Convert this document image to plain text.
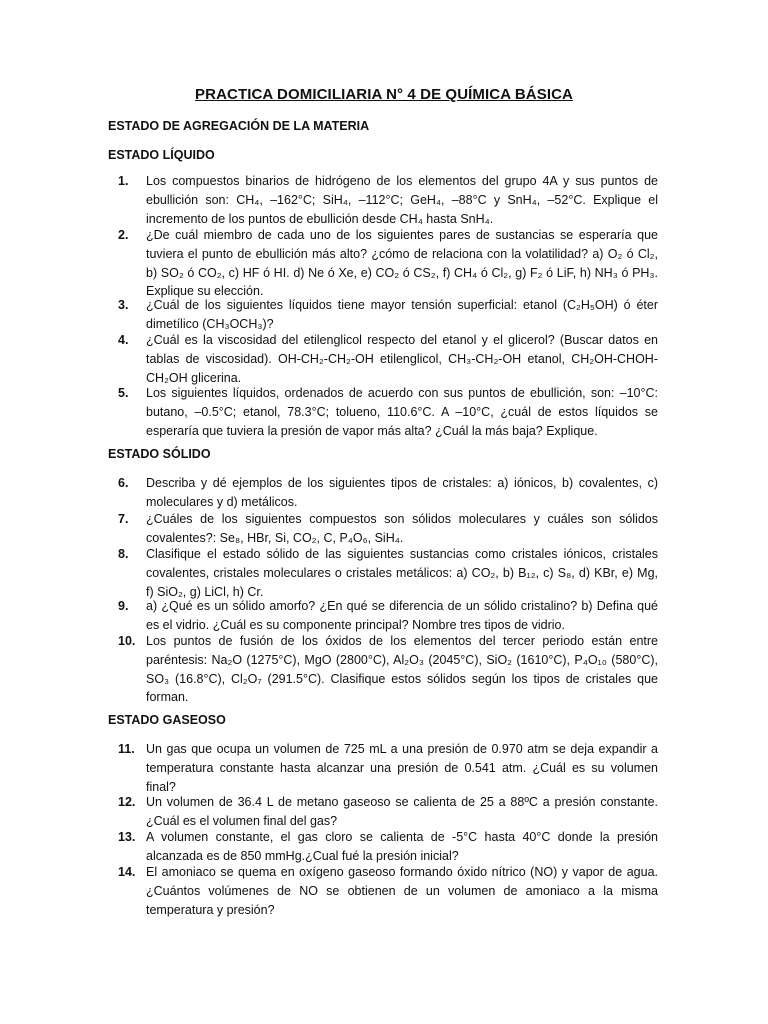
PRACTICA DOMICILIARIA N° 4 DE QUÍMICA BÁSICA
ESTADO DE AGREGACIÓN DE LA MATERIA
ESTADO LÍQUIDO
1.	Los compuestos binarios de hidrógeno de los elementos del grupo 4A y sus puntos de
ebullición son: CH₄, –162°C; SiH₄, –112°C; GeH₄, –88°C y SnH₄, –52°C. Explique el
incremento de los puntos de ebullición desde CH₄ hasta SnH₄.
2.	¿De cuál miembro de cada uno de los siguientes pares de sustancias se esperaría que
tuviera el punto de ebullición más alto? ¿cómo de relaciona con la volatilidad? a) O₂ ó Cl₂,
b) SO₂ ó CO₂, c) HF ó HI. d) Ne ó Xe, e) CO₂ ó CS₂, f) CH₄ ó Cl₂, g) F₂ ó LiF, h) NH₃ ó PH₃.
Explique su elección.
3.	¿Cuál de los siguientes líquidos tiene mayor tensión superficial: etanol (C₂H₅OH) ó éter
dimetílico (CH₃OCH₃)?
4.	¿Cuál es la viscosidad del etilenglicol respecto del etanol y el glicerol? (Buscar datos en
tablas de viscosidad). OH-CH₂-CH₂-OH etilenglicol, CH₃-CH₂-OH etanol, CH₂OH-CHOH-
CH₂OH glicerina.
5.	Los siguientes líquidos, ordenados de acuerdo con sus puntos de ebullición, son: –10°C:
butano, –0.5°C; etanol, 78.3°C; tolueno, 110.6°C. A –10°C, ¿cuál de estos líquidos se
esperaría que tuviera la presión de vapor más alta? ¿Cuál la más baja? Explique.
ESTADO SÓLIDO
6.	Describa y dé ejemplos de los siguientes tipos de cristales: a) iónicos, b) covalentes, c)
moleculares y d) metálicos.
7.	¿Cuáles de los siguientes compuestos son sólidos moleculares y cuáles son sólidos
covalentes?: Se₈, HBr, Si, CO₂, C, P₄O₆, SiH₄.
8.	Clasifique el estado sólido de las siguientes sustancias como cristales iónicos, cristales
covalentes, cristales moleculares o cristales metálicos: a) CO₂, b) B₁₂, c) S₈, d) KBr, e) Mg,
f) SiO₂, g) LiCl, h) Cr.
9.	a) ¿Qué es un sólido amorfo? ¿En qué se diferencia de un sólido cristalino? b) Defina qué
es el vidrio. ¿Cuál es su componente principal? Nombre tres tipos de vidrio.
10. Los puntos de fusión de los óxidos de los elementos del tercer periodo están entre
paréntesis: Na₂O (1275°C), MgO (2800°C), Al₂O₃ (2045°C), SiO₂ (1610°C), P₄O₁₀ (580°C),
SO₃ (16.8°C), Cl₂O₇ (291.5°C). Clasifique estos sólidos según los tipos de cristales que
forman.
ESTADO GASEOSO
11. Un gas que ocupa un volumen de 725 mL a una presión de 0.970 atm se deja expandir a
temperatura constante hasta alcanzar una presión de 0.541 atm. ¿Cuál es su volumen
final?
12. Un volumen de 36.4 L de metano gaseoso se calienta de 25 a 88ºC a presión constante.
¿Cuál es el volumen final del gas?
13. A volumen constante, el gas cloro se calienta de -5°C hasta 40°C donde la presión
alcanzada es de 850 mmHg.¿Cual fué la presión inicial?
14. El amoniaco se quema en oxígeno gaseoso formando óxido nítrico (NO) y vapor de agua.
¿Cuántos volúmenes de NO se obtienen de un volumen de amoniaco a la misma
temperatura y presión?
